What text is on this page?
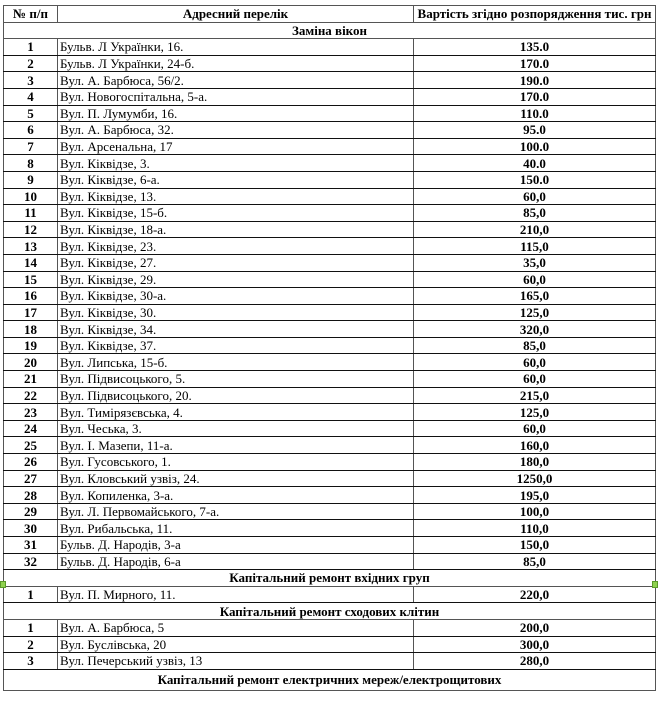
№ п/п	Адресний перелік	Вартість згідно розпорядження тис. грн
Заміна вікон		
1	Бульв. Л Українки, 16.	135.0
2	Бульв. Л Українки, 24-б.	170.0
3	Вул. А. Барбюса, 56/2.	190.0
4	Вул. Новогоспітальна, 5-а.	170.0
5	Вул. П. Лумумби, 16.	110.0
6	Вул. А. Барбюса, 32.	95.0
7	Вул. Арсенальна, 17	100.0
8	Вул. Кіквідзе, 3.	40.0
9	Вул. Кіквідзе, 6-а.	150.0
10	Вул. Кіквідзе, 13.	60,0
11	Вул. Кіквідзе, 15-б.	85,0
12	Вул. Кіквідзе, 18-а.	210,0
13	Вул. Кіквідзе, 23.	115,0
14	Вул. Кіквідзе, 27.	35,0
15	Вул. Кіквідзе, 29.	60,0
16	Вул. Кіквідзе, 30-а.	165,0
17	Вул. Кіквідзе, 30.	125,0
18	Вул. Кіквідзе, 34.	320,0
19	Вул. Кіквідзе, 37.	85,0
20	Вул. Липська, 15-б.	60,0
21	Вул. Підвисоцького, 5.	60,0
22	Вул. Підвисоцького, 20.	215,0
23	Вул. Тимірязєвська, 4.	125,0
24	Вул. Чеська, 3.	60,0
25	Вул. І. Мазепи, 11-а.	160,0
26	Вул. Гусовського, 1.	180,0
27	Вул. Кловський узвіз, 24.	1250,0
28	Вул. Копиленка, 3-а.	195,0
29	Вул. Л. Первомайського, 7-а.	100,0
30	Вул. Рибальська, 11.	110,0
31	Бульв. Д. Народів, 3-а	150,0
32	Бульв. Д. Народів, 6-а	85,0
Капітальний ремонт вхідних груп		
1	Вул. П. Мирного, 11.	220,0
Капітальний ремонт сходових клітин		
1	Вул. А. Барбюса, 5	200,0
2	Вул. Буслівська, 20	300,0
3	Вул. Печерський узвіз, 13	280,0
Капітальний ремонт електричних мереж/електрощитових		
